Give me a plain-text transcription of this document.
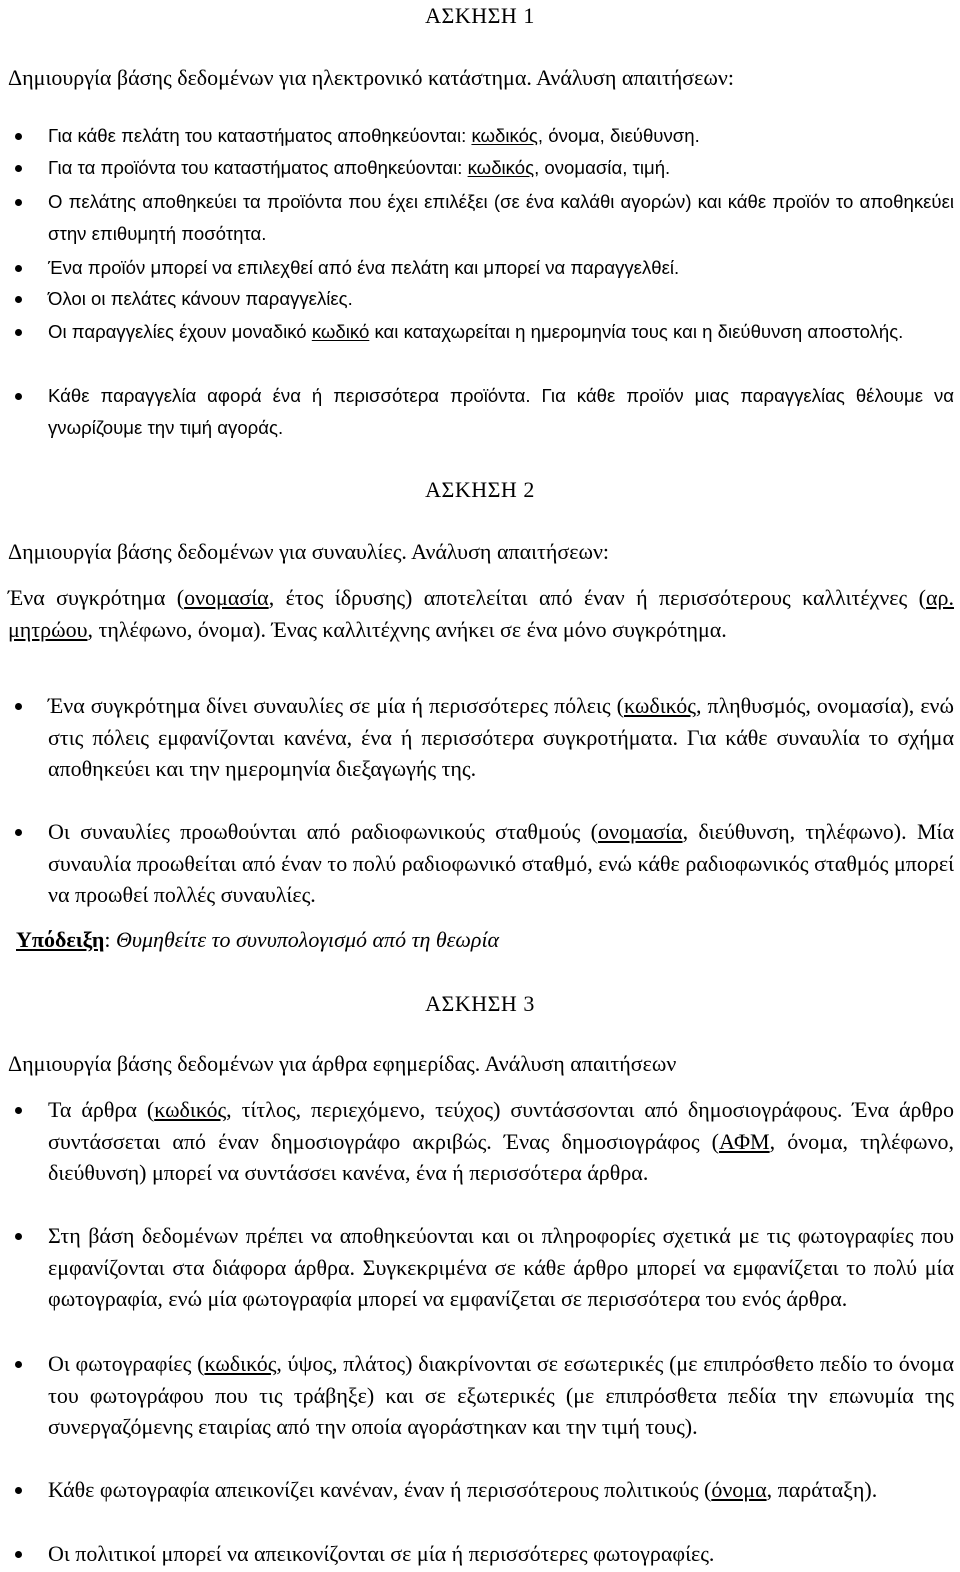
ΑΣΚΗΣΗ 1
Δημιουργία βάσης δεδομένων για ηλεκτρονικό κατάστημα. Ανάλυση απαιτήσεων:
Για κάθε πελάτη του καταστήματος αποθηκεύονται: κωδικός, όνομα, διεύθυνση.
Για τα προϊόντα του καταστήματος αποθηκεύονται: κωδικός, ονομασία, τιμή.
Ο πελάτης αποθηκεύει τα προϊόντα που έχει επιλέξει (σε ένα καλάθι αγορών) και κάθε προϊόν το αποθηκεύει στην επιθυμητή ποσότητα.
Ένα προϊόν μπορεί να επιλεχθεί από ένα πελάτη και μπορεί να παραγγελθεί.
Όλοι οι πελάτες κάνουν παραγγελίες.
Οι παραγγελίες έχουν μοναδικό κωδικό και καταχωρείται η ημερομηνία τους και η διεύθυνση αποστολής.
Κάθε παραγγελία αφορά ένα ή περισσότερα προϊόντα. Για κάθε προϊόν μιας παραγγελίας θέλουμε να γνωρίζουμε την τιμή αγοράς.
ΑΣΚΗΣΗ 2
Δημιουργία βάσης δεδομένων για συναυλίες. Ανάλυση απαιτήσεων:
Ένα συγκρότημα (ονομασία, έτος ίδρυσης) αποτελείται από έναν ή περισσότερους καλλιτέχνες (αρ. μητρώου, τηλέφωνο, όνομα). Ένας καλλιτέχνης ανήκει σε ένα μόνο συγκρότημα.
Ένα συγκρότημα δίνει συναυλίες σε μία ή περισσότερες πόλεις (κωδικός, πληθυσμός, ονομασία), ενώ στις πόλεις εμφανίζονται κανένα, ένα ή περισσότερα συγκροτήματα. Για κάθε συναυλία το σχήμα αποθηκεύει και την ημερομηνία διεξαγωγής της.
Οι συναυλίες προωθούνται από ραδιοφωνικούς σταθμούς (ονομασία, διεύθυνση, τηλέφωνο). Μία συναυλία προωθείται από έναν το πολύ ραδιοφωνικό σταθμό, ενώ κάθε ραδιοφωνικός σταθμός μπορεί να προωθεί πολλές συναυλίες.
Υπόδειξη: Θυμηθείτε το συνυπολογισμό από τη θεωρία
ΑΣΚΗΣΗ 3
Δημιουργία βάσης δεδομένων για άρθρα εφημερίδας. Ανάλυση απαιτήσεων
Τα άρθρα (κωδικός, τίτλος, περιεχόμενο, τεύχος) συντάσσονται από δημοσιογράφους. Ένα άρθρο συντάσσεται από έναν δημοσιογράφο ακριβώς. Ένας δημοσιογράφος (ΑΦΜ, όνομα, τηλέφωνο, διεύθυνση) μπορεί να συντάσσει κανένα, ένα ή περισσότερα άρθρα.
Στη βάση δεδομένων πρέπει να αποθηκεύονται και οι πληροφορίες σχετικά με τις φωτογραφίες που εμφανίζονται στα διάφορα άρθρα. Συγκεκριμένα σε κάθε άρθρο μπορεί να εμφανίζεται το πολύ μία φωτογραφία, ενώ μία φωτογραφία μπορεί να εμφανίζεται σε περισσότερα του ενός άρθρα.
Οι φωτογραφίες (κωδικός, ύψος, πλάτος) διακρίνονται σε εσωτερικές (με επιπρόσθετο πεδίο το όνομα του φωτογράφου που τις τράβηξε) και σε εξωτερικές (με επιπρόσθετα πεδία την επωνυμία της συνεργαζόμενης εταιρίας από την οποία αγοράστηκαν και την τιμή τους).
Κάθε φωτογραφία απεικονίζει κανέναν, έναν ή περισσότερους πολιτικούς (όνομα, παράταξη).
Οι πολιτικοί μπορεί να απεικονίζονται σε μία ή περισσότερες φωτογραφίες.
